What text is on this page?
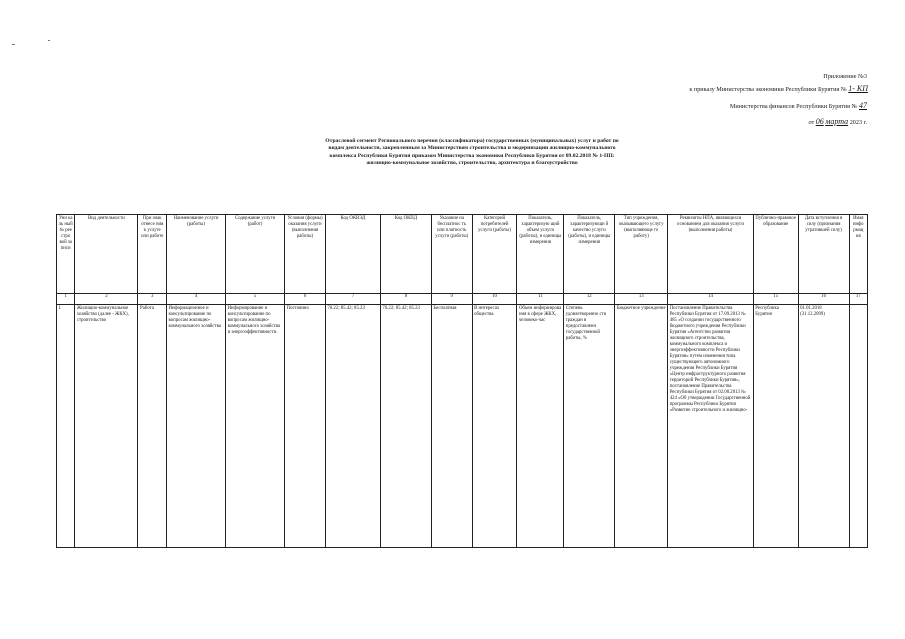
Приложение №3
к приказу Министерства экономики Республики Бурятия № 1- КП
Министерства финансов Республики Бурятия № 47
от 06 марта 2023 г.
Отраслевой сегмент Регионального перечня (классификатора) государственных (муниципальных) услуг и работ по видам деятельности, закрепленным за Министерством строительства и модернизации жилищно-коммунального комплекса Республики Бурятия приказом Министерства экономики Республики Бурятия от 09.02.2018 № 1-ПП: жилищно-коммунальное хозяйство, строительство, архитектура и благоустройство
Уни ка ль ный № рее стро вой за писи	Вид деятельности	При знак отнесе ния к услуге или работе	Наименование услуги (работы)	Содержание услуги (работ)	Условия (формы) оказания услуги (выполнения работы)	Код ОКВЭД	Код ОКПД	Указание на бесплатнос ть или платность услуги (работы)	Категорий потребителей услуги (работы)	Показатель, характеризую щий объем услуги (работы), и единицы измерения	Показатель, характеризующи й качество услуги (работы), и единицы измерения	Тип учреждения, оказывающего услугу (выполняюще го работу)	Реквизиты НПА, являющихся основанием для оказания услуги (выполнения работы)	Публично-правовое образование	Дата вступления в силу (признания утратившей силу)	Иная инфо рмац ия
1	2	3	4	5	6	7	8	9	10	11	12	13	14	15	16	17
1	Жилищно-коммунальное хозяйство (далее - ЖКХ), строительство	Работа	Информационное и консультирование по вопросам жилищно-коммунального хозяйства	Информирование и консультирование по вопросам жилищно-коммунального хозяйства и энергоэффективности.	Постоянно	70.22; 85.42; 85.23	70.22; 85.42; 85.23	Бесплатная	В интересах общества	Объем информирова ния в сфере ЖКХ, человеко-час	Степень удовлетворенно сти граждан в предоставленн государственной работы, %	Бюджетное учреждение	Постановление Правительства Республики Бурятия от 17.09.2013 № 485 «О создании государственного бюджетного учреждения Республики Бурятия «Агентство развития жилищного строительства, коммунального комплекса и энергоэффективности Республики Бурятия» путем изменения типа существующего автономного учреждения Республики Бурятия «Центр инфраструктурного развития территорий Республики Бурятия», постановление Правительства Республики Бурятия от 02.08.2013 № 424 «Об утверждении Государственной программы Республики Бурятия «Развитие строительного и жилищно-	Республика Бурятия	01.01.2018 (31.12.2099)	
